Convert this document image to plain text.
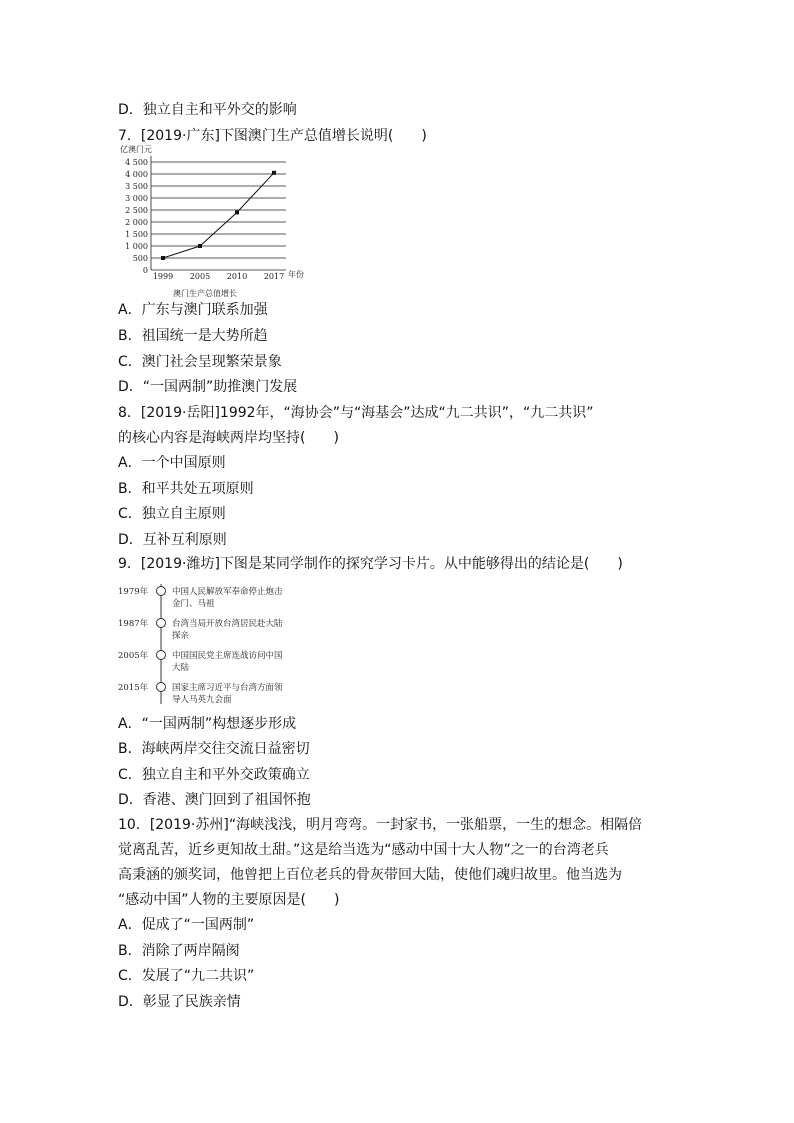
D．独立自主和平外交的影响
7．[2019·广东]下图澳门生产总值增长说明(　　)
亿澳门元
0
500
1 000
1 500
2 000
2 500
3 000
3 500
4 000
4 500
1999 2005 2010 2017 年份
澳门生产总值增长
A．广东与澳门联系加强
B．祖国统一是大势所趋
C．澳门社会呈现繁荣景象
D．“一国两制”助推澳门发展
8．[2019·岳阳]1992年，“海协会”与“海基会”达成“九二共识”，“九二共识”
的核心内容是海峡两岸均坚持(　　)
A．一个中国原则
B．和平共处五项原则
C．独立自主原则
D．互补互利原则
9．[2019·潍坊]下图是某同学制作的探究学习卡片。从中能够得出的结论是(　　)
1979年	中国人民解放军奉命停止炮击
金门、马祖
1987年	台湾当局开放台湾居民赴大陆
探亲
2005年	中国国民党主席连战访问中国
大陆
2015年	国家主席习近平与台湾方面领
导人马英九会面
A．“一国两制”构想逐步形成
B．海峡两岸交往交流日益密切
C．独立自主和平外交政策确立
D．香港、澳门回到了祖国怀抱
10．[2019·苏州]“海峡浅浅，明月弯弯。一封家书，一张船票，一生的想念。相隔倍
觉离乱苦，近乡更知故土甜。”这是给当选为“感动中国十大人物”之一的台湾老兵
高秉涵的颁奖词，他曾把上百位老兵的骨灰带回大陆，使他们魂归故里。他当选为
“感动中国”人物的主要原因是(　　)
A．促成了“一国两制”
B．消除了两岸隔阂
C．发展了“九二共识”
D．彰显了民族亲情
